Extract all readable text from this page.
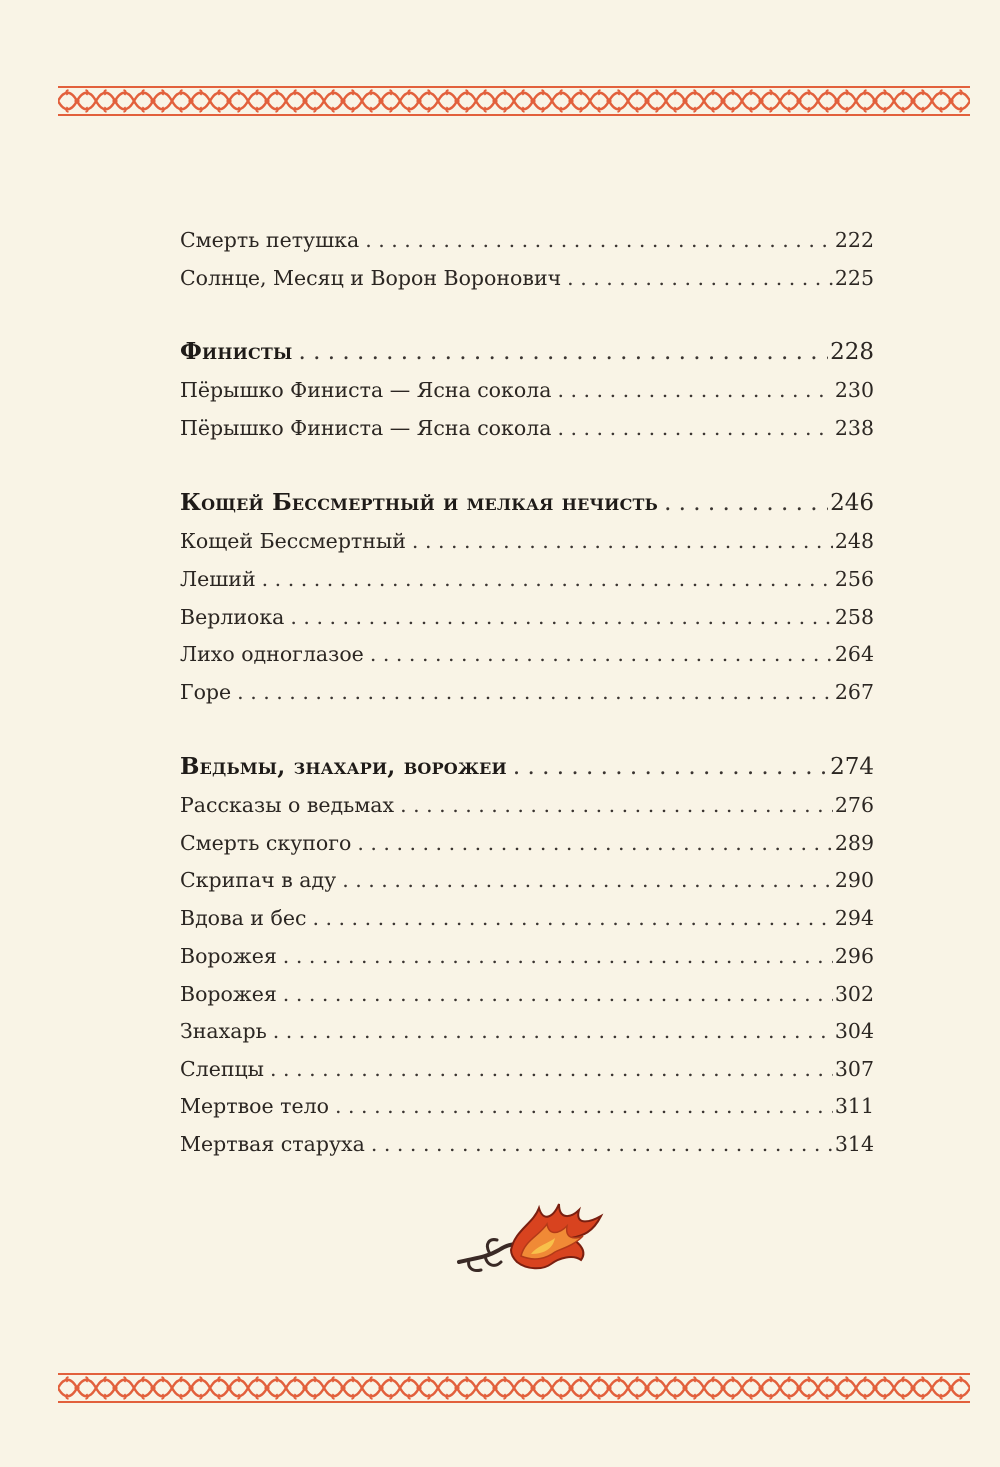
Смерть петушка . . .	222
Солнце, Месяц и Ворон Воронович . . .	225
Финисты . . .	228
Пёрышко Финиста — Ясна сокола . . .	230
Пёрышко Финиста — Ясна сокола . . .	238
Кощей Бессмертный и мелкая нечисть . . .	246
Кощей Бессмертный . . .	248
Леший . . .	256
Верлиока . . .	258
Лихо одноглазое . . .	264
Горе . . .	267
Ведьмы, знахари, ворожеи . . .	274
Рассказы о ведьмах . . .	276
Смерть скупого . . .	289
Скрипач в аду . . .	290
Вдова и бес . . .	294
Ворожея . . .	296
Ворожея . . .	302
Знахарь . . .	304
Слепцы . . .	307
Мертвое тело . . .	311
Мертвая старуха . . .	314
